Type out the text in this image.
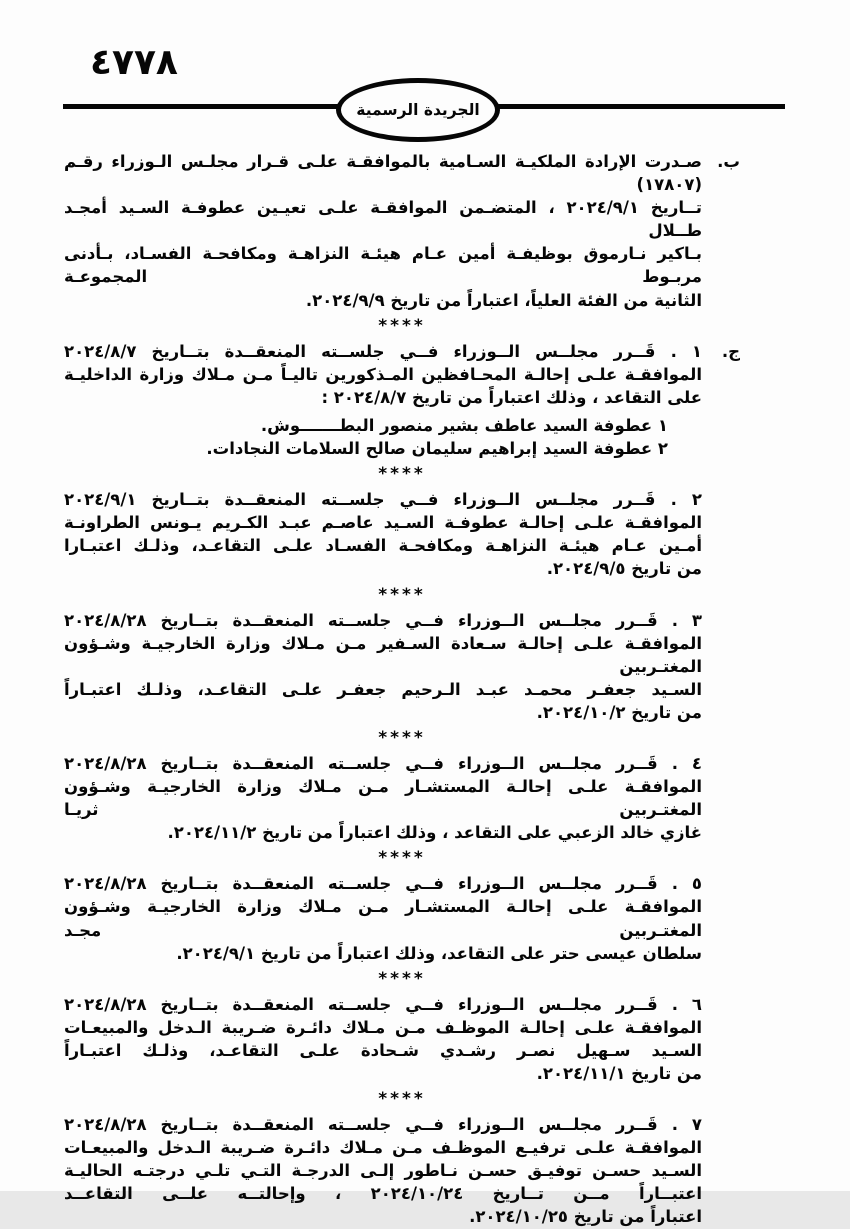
٤٧٧٨
الجريدة الرسمية
ب.
صـدرت الإرادة الملكيـة السـامية بالموافقـة علـى قـرار مجلـس الـوزراء رقـم (١٧٨٠٧)
تــاريخ ٢٠٢٤/٩/١ ، المتضـمن الموافقـة علـى تعيـين عطوفـة السـيد أمجـد طــلال
بـاكير نـارموق بوظيفـة أمين عـام هيئـة النزاهـة ومكافحـة الفسـاد، بـأدنى مربـوط المجموعـة
الثانية من الفئة العلياً، اعتباراً من تاريخ ٢٠٢٤/٩/٩.
****
ج.
١ . قَــرر مجلــس الــوزراء فــي جلســته المنعقــدة بتــاريخ ٢٠٢٤/٨/٧
الموافقـة علـى إحالـة المحـافظين المـذكورين تاليـاً مـن مـلاك وزارة الداخليـة
على التقاعد ، وذلك اعتباراً من تاريخ ٢٠٢٤/٨/٧ :
١ عطوفة السيد عاطف بشير منصور البطـــــــوش.
٢ عطوفة السيد إبراهيم سليمان صالح السلامات النجادات.
****
٢ . قَــرر مجلــس الــوزراء فــي جلســته المنعقــدة بتــاريخ ٢٠٢٤/٩/١
الموافقـة علـى إحالـة عطوفـة السـيد عاصـم عبـد الكـريم يـونس الطراونـة
أمـين عـام هيئـة النزاهـة ومكافحـة الفسـاد علـى التقاعـد، وذلـك اعتبـارا
من تاريخ ٢٠٢٤/٩/٥.
****
٣ . قَــرر مجلــس الــوزراء فــي جلســته المنعقــدة بتــاريخ ٢٠٢٤/٨/٢٨
الموافقـة علـى إحالـة سـعادة السـفير مـن مـلاك وزارة الخارجيـة وشـؤون المغتـربين
السـيد جعفـر محمـد عبـد الـرحيم جعفـر علـى التقاعـد، وذلـك اعتبـاراً
من تاريخ ٢٠٢٤/١٠/٢.
****
٤ . قَــرر مجلــس الــوزراء فــي جلســته المنعقــدة بتــاريخ ٢٠٢٤/٨/٢٨
الموافقـة علـى إحالـة المستشـار مـن مـلاك وزارة الخارجيـة وشـؤون المغتـربين ثريـا
غازي خالد الزعبي على التقاعد ، وذلك اعتباراً من تاريخ ٢٠٢٤/١١/٢.
****
٥ . قَــرر مجلــس الــوزراء فــي جلســته المنعقــدة بتــاريخ ٢٠٢٤/٨/٢٨
الموافقـة علـى إحالـة المستشـار مـن مـلاك وزارة الخارجيـة وشـؤون المغتـربين مجـد
سلطان عيسى حتر على التقاعد، وذلك اعتباراً من تاريخ ٢٠٢٤/٩/١.
****
٦ . قَــرر مجلــس الــوزراء فــي جلســته المنعقــدة بتــاريخ ٢٠٢٤/٨/٢٨
الموافقـة علـى إحالـة الموظـف مـن مـلاك دائـرة ضـريبة الـدخل والمبيعـات
السـيد سـهيل نصـر رشـدي شـحادة علـى التقاعـد، وذلـك اعتبـاراً
من تاريخ ٢٠٢٤/١١/١.
****
٧ . قَــرر مجلــس الــوزراء فــي جلســته المنعقــدة بتــاريخ ٢٠٢٤/٨/٢٨
الموافقـة علـى ترفيـع الموظـف مـن مـلاك دائـرة ضـريبة الـدخل والمبيعـات
السـيد حسـن توفيـق حسـن نـاطور إلـى الدرجـة التـي تلـي درجتـه الحاليـة
اعتبــاراً مــن تــاريخ ٢٠٢٤/١٠/٢٤ ، وإحالتــه علــى التقاعــد
اعتباراً من تاريخ ٢٠٢٤/١٠/٢٥.
